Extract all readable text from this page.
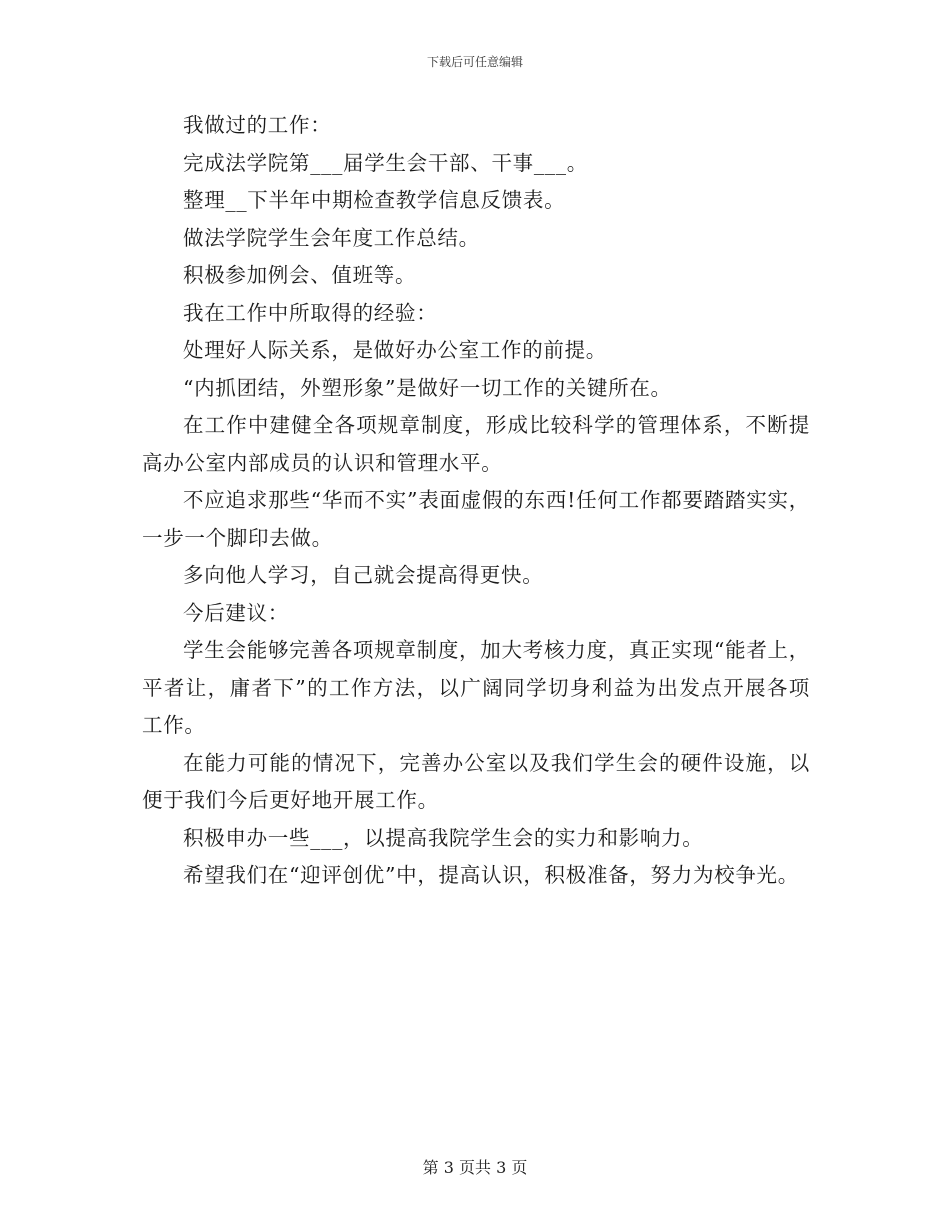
下载后可任意编辑

我做过的工作：

完成法学院第___届学生会干部、干事___。

整理__下半年中期检查教学信息反馈表。

做法学院学生会年度工作总结。

积极参加例会、值班等。

我在工作中所取得的经验：

处理好人际关系，是做好办公室工作的前提。

“内抓团结，外塑形象”是做好一切工作的关键所在。

在工作中建健全各项规章制度，形成比较科学的管理体系，不断提高办公室内部成员的认识和管理水平。

不应追求那些“华而不实”表面虚假的东西!任何工作都要踏踏实实，一步一个脚印去做。

多向他人学习，自己就会提高得更快。

今后建议：

学生会能够完善各项规章制度，加大考核力度，真正实现“能者上，平者让，庸者下”的工作方法，以广阔同学切身利益为出发点开展各项工作。

在能力可能的情况下，完善办公室以及我们学生会的硬件设施，以便于我们今后更好地开展工作。

积极申办一些___，以提高我院学生会的实力和影响力。

希望我们在“迎评创优”中，提高认识，积极准备，努力为校争光。

第 3 页共 3 页
